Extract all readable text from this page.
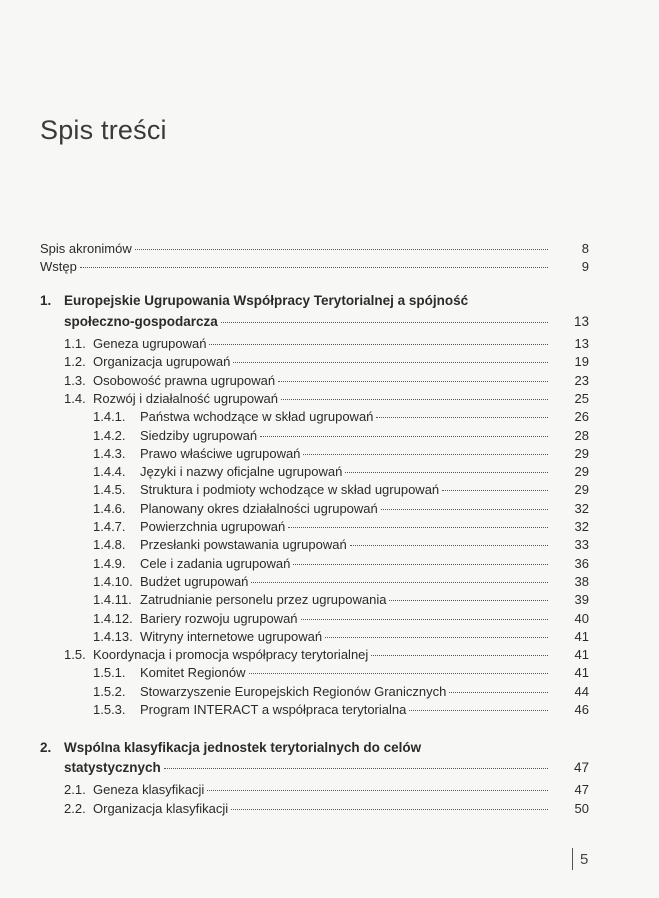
Spis treści
Spis akronimów	8
Wstęp	9
1. Europejskie Ugrupowania Współpracy Terytorialnej a spójność
społeczno-gospodarcza	13
1.1. Geneza ugrupowań	13
1.2. Organizacja ugrupowań	19
1.3. Osobowość prawna ugrupowań	23
1.4. Rozwój i działalność ugrupowań	25
1.4.1.	Państwa wchodzące w skład ugrupowań	26
1.4.2.	Siedziby ugrupowań	28
1.4.3.	Prawo właściwe ugrupowań	29
1.4.4.	Języki i nazwy oficjalne ugrupowań	29
1.4.5.	Struktura i podmioty wchodzące w skład ugrupowań	29
1.4.6.	Planowany okres działalności ugrupowań	32
1.4.7.	Powierzchnia ugrupowań	32
1.4.8.	Przesłanki powstawania ugrupowań	33
1.4.9.	Cele i zadania ugrupowań	36
1.4.10. Budżet ugrupowań	38
1.4.11. Zatrudnianie personelu przez ugrupowania	39
1.4.12. Bariery rozwoju ugrupowań	40
1.4.13. Witryny internetowe ugrupowań	41
1.5. Koordynacja i promocja współpracy terytorialnej	41
1.5.1.	Komitet Regionów	41
1.5.2.	Stowarzyszenie Europejskich Regionów Granicznych	44
1.5.3.	Program INTERACT a współpraca terytorialna	46
2. Wspólna klasyfikacja jednostek terytorialnych do celów
statystycznych	47
2.1. Geneza klasyfikacji	47
2.2. Organizacja klasyfikacji	50
5
